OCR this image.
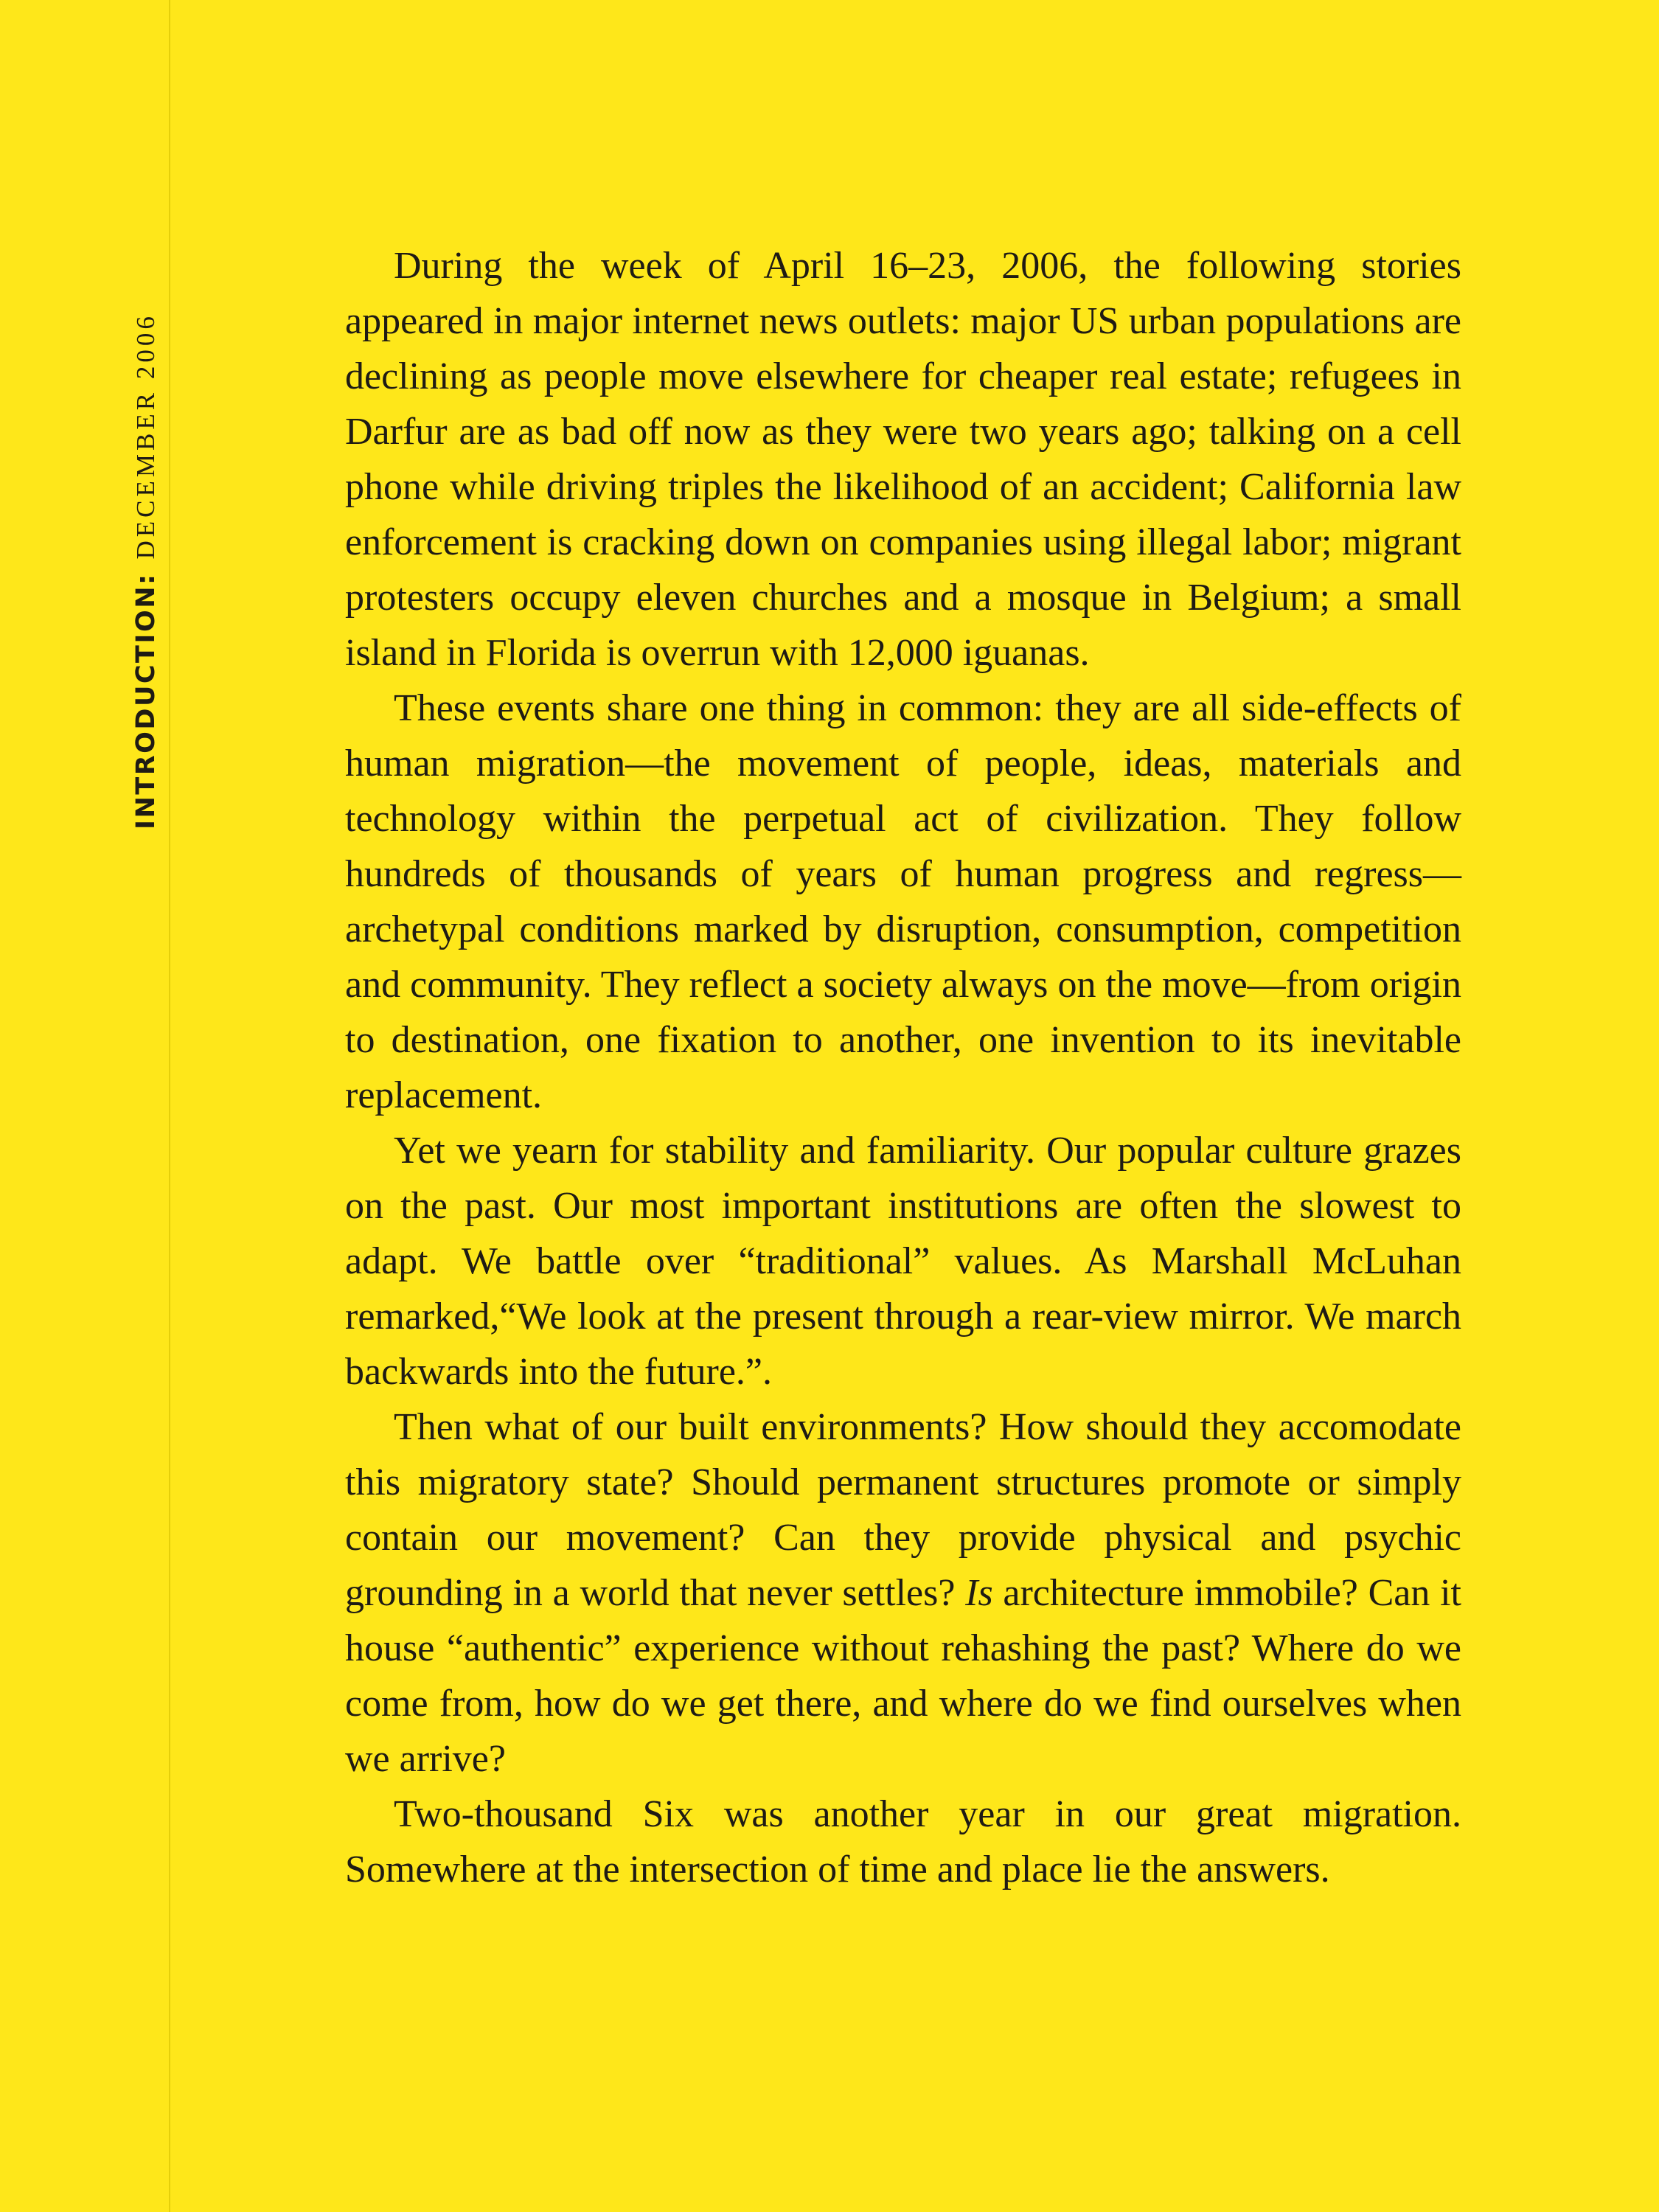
INTRODUCTION:DECEMBER 2006

During the week of April 16–23, 2006, the following stories appeared in major internet news outlets: major US urban populations are declining as people move elsewhere for cheaper real estate; refugees in Darfur are as bad off now as they were two years ago; talking on a cell phone while driving triples the likelihood of an accident; California law enforcement is cracking down on companies using illegal labor; migrant protesters occupy eleven churches and a mosque in Belgium; a small island in Florida is overrun with 12,000 iguanas.

These events share one thing in common: they are all side-effects of human migration—the movement of people, ideas, materials and technology within the perpetual act of civilization. They follow hundreds of thousands of years of human progress and regress—archetypal conditions marked by disruption, consumption, competition and community. They reflect a society always on the move—from origin to destination, one fixation to another, one invention to its inevitable replacement.

Yet we yearn for stability and familiarity. Our popular culture grazes on the past. Our most important institutions are often the slowest to adapt. We battle over “traditional” values. As Marshall McLuhan remarked,“We look at the present through a rear-view mirror. We march backwards into the future.”.

Then what of our built environments? How should they accomodate this migratory state? Should permanent structures promote or simply contain our movement? Can they provide physical and psychic grounding in a world that never settles? Is architecture immobile? Can it house “authentic” experience without rehashing the past? Where do we come from, how do we get there, and where do we find ourselves when we arrive?

Two-thousand Six was another year in our great migration. Somewhere at the intersection of time and place lie the answers.
